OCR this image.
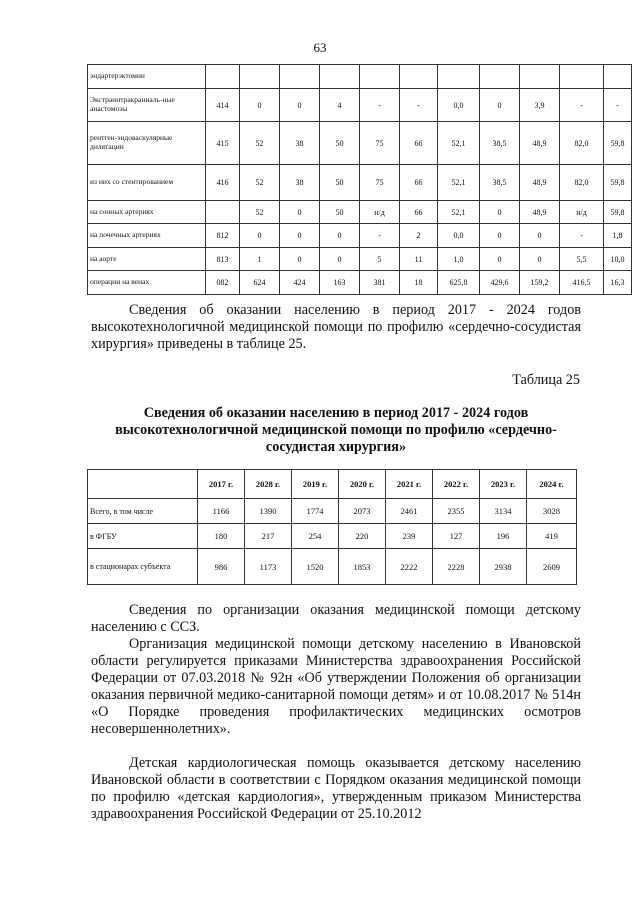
63
эндартерэктомии											
Экстраинтракраниаль-ные анастомозы	414	0	0	4	-	-	0,0	0	3,9	-	-
рентген-эндоваскулярные дилятации	415	52	38	50	75	66	52,1	38,5	48,9	82,0	59,8
из них со стентированием	416	52	38	50	75	66	52,1	38,5	48,9	82,0	59,8
на сонных артериях		52	0	50	н/д	66	52,1	0	48,9	н/д	59,8
на почечных артериях	812	0	0	0	-	2	0,0	0	0	-	1,8
на аорте	813	1	0	0	5	11	1,0	0	0	5,5	10,0
операции на венах	082	624	424	163	381	18	625,8	429,6	159,2	416,5	16,3
Сведения об оказании населению в период 2017 - 2024 годов высокотехнологичной медицинской помощи по профилю «сердечно-сосудистая хирургия» приведены в таблице 25.
Таблица 25
Сведения об оказании населению в период 2017 - 2024 годов высокотехнологичной медицинской помощи по профилю «сердечно-сосудистая хирургия»
	2017 г.	2028 г.	2019 г.	2020 г.	2021 г.	2022 г.	2023 г.	2024 г.
Всего, в том числе	1166	1390	1774	2073	2461	2355	3134	3028
в ФГБУ	180	217	254	220	239	127	196	419
в стационарах субъекта	986	1173	1520	1853	2222	2228	2938	2609
Сведения по организации оказания медицинской помощи детскому населению с ССЗ.
Организация медицинской помощи детскому населению в Ивановской области регулируется приказами Министерства здравоохранения Российской Федерации от 07.03.2018 № 92н «Об утверждении Положения об организации оказания первичной медико-санитарной помощи детям» и от 10.08.2017 № 514н «О Порядке проведения профилактических медицинских осмотров несовершеннолетних».
Детская кардиологическая помощь оказывается детскому населению Ивановской области в соответствии с Порядком оказания медицинской помощи по профилю «детская кардиология», утвержденным приказом Министерства здравоохранения Российской Федерации от 25.10.2012
